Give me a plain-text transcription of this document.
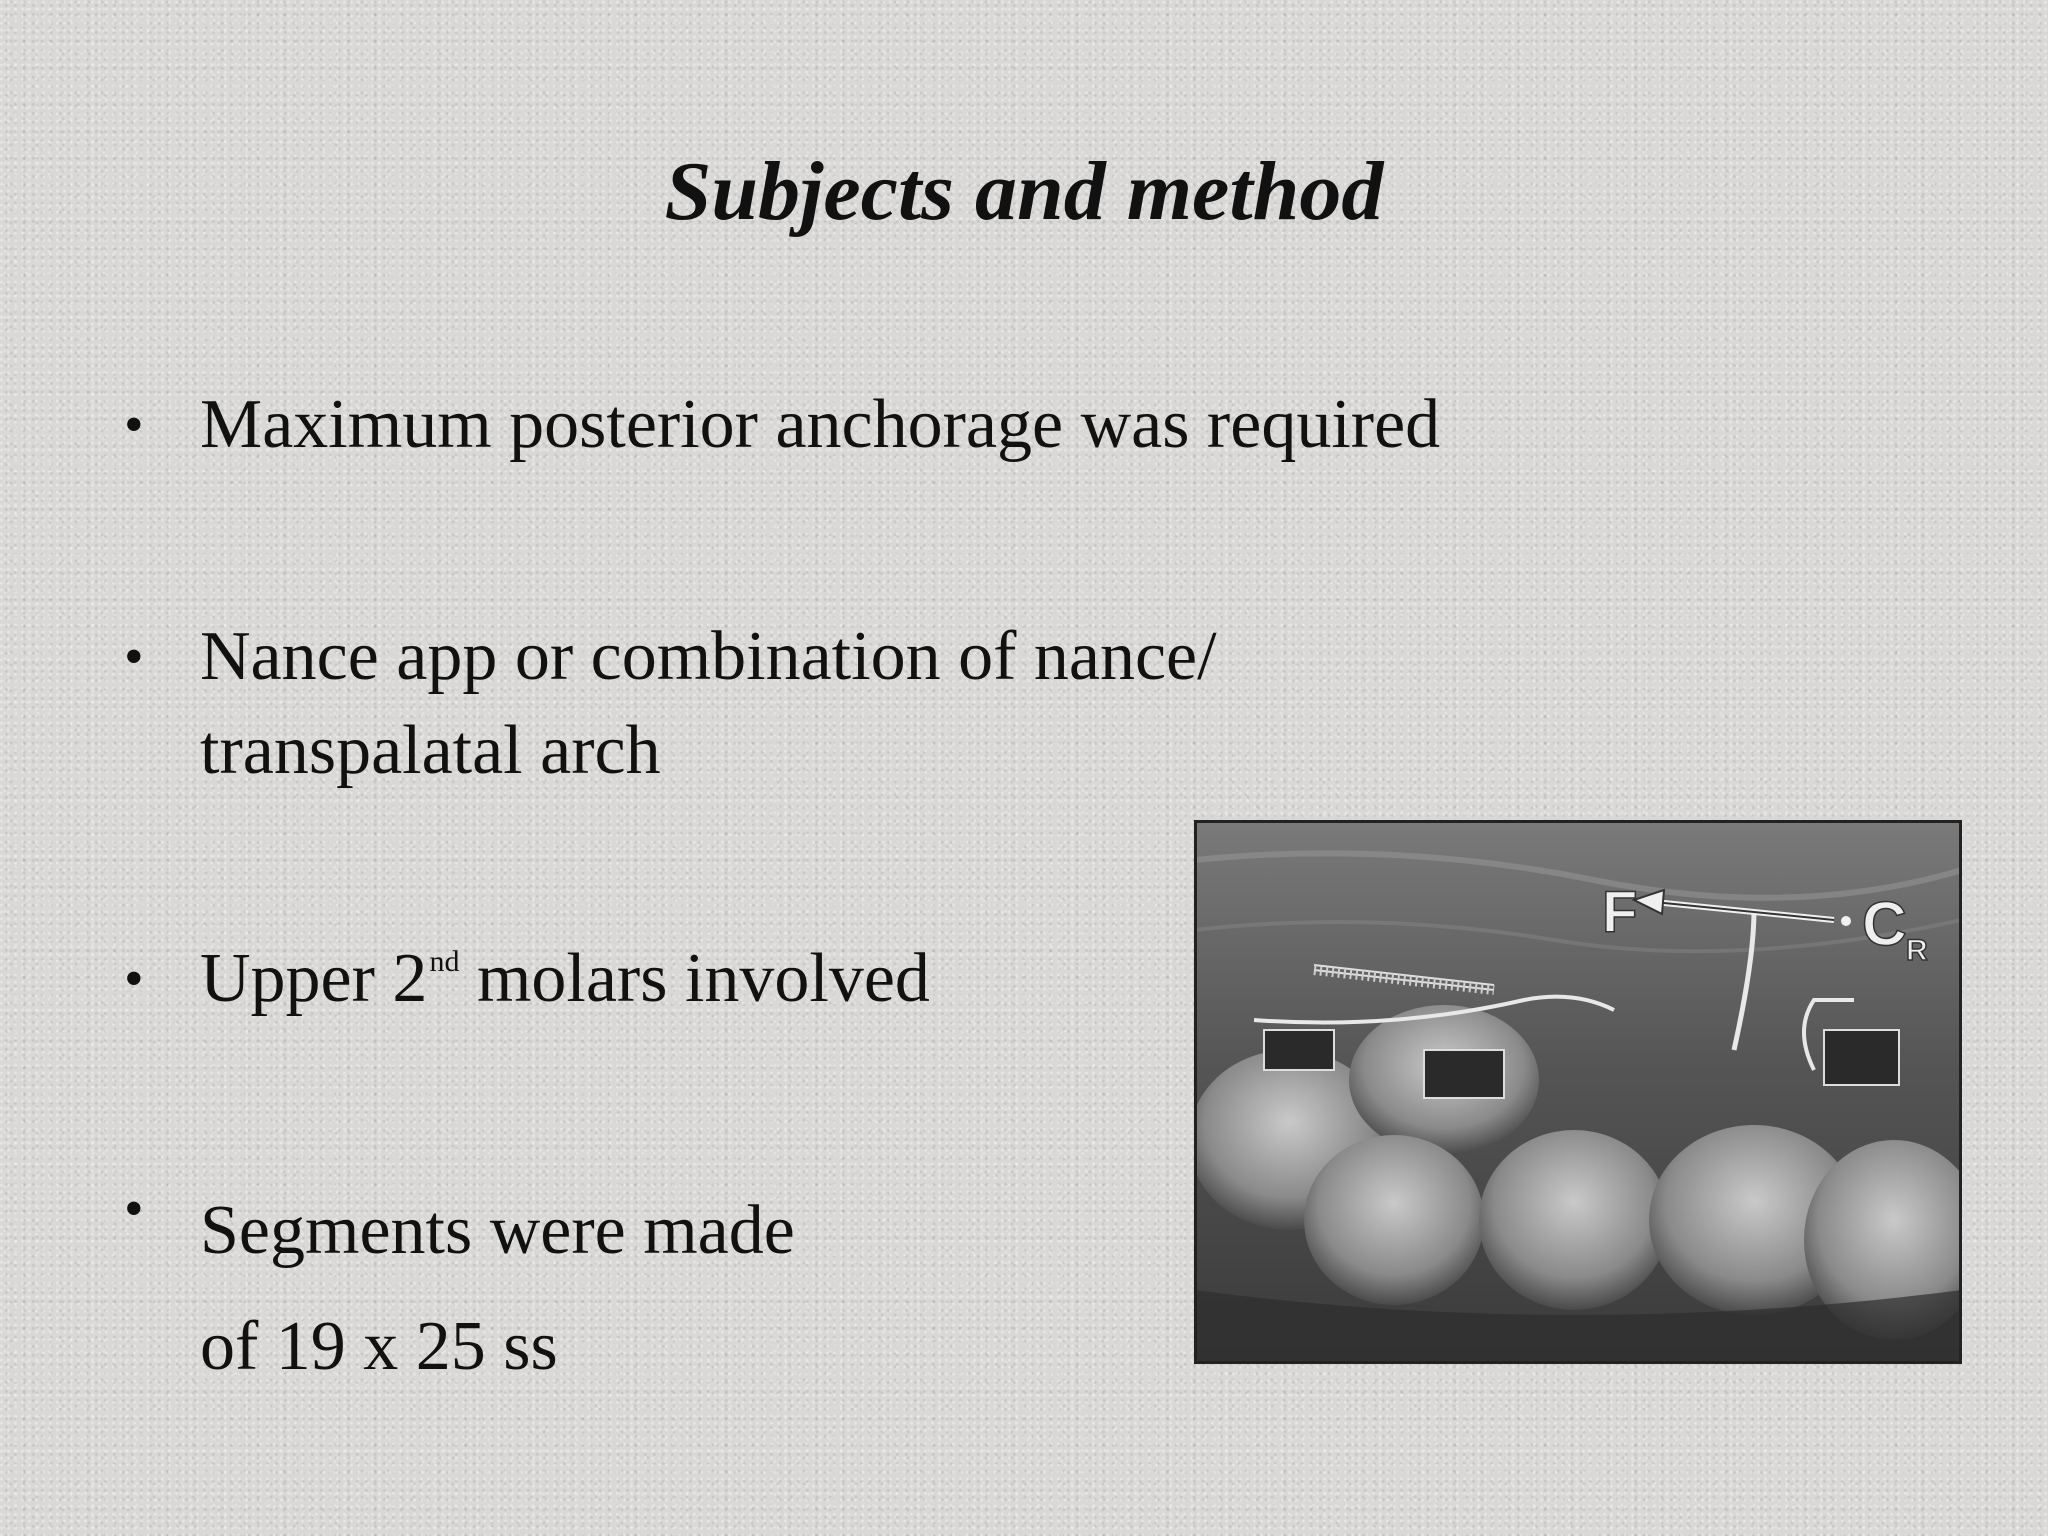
Subjects and method
• Maximum posterior anchorage was required
• Nance app or combination of nance/
transpalatal arch
• Upper 2nd molars involved
• Segments were made
of 19 x 25 ss
F	C R
